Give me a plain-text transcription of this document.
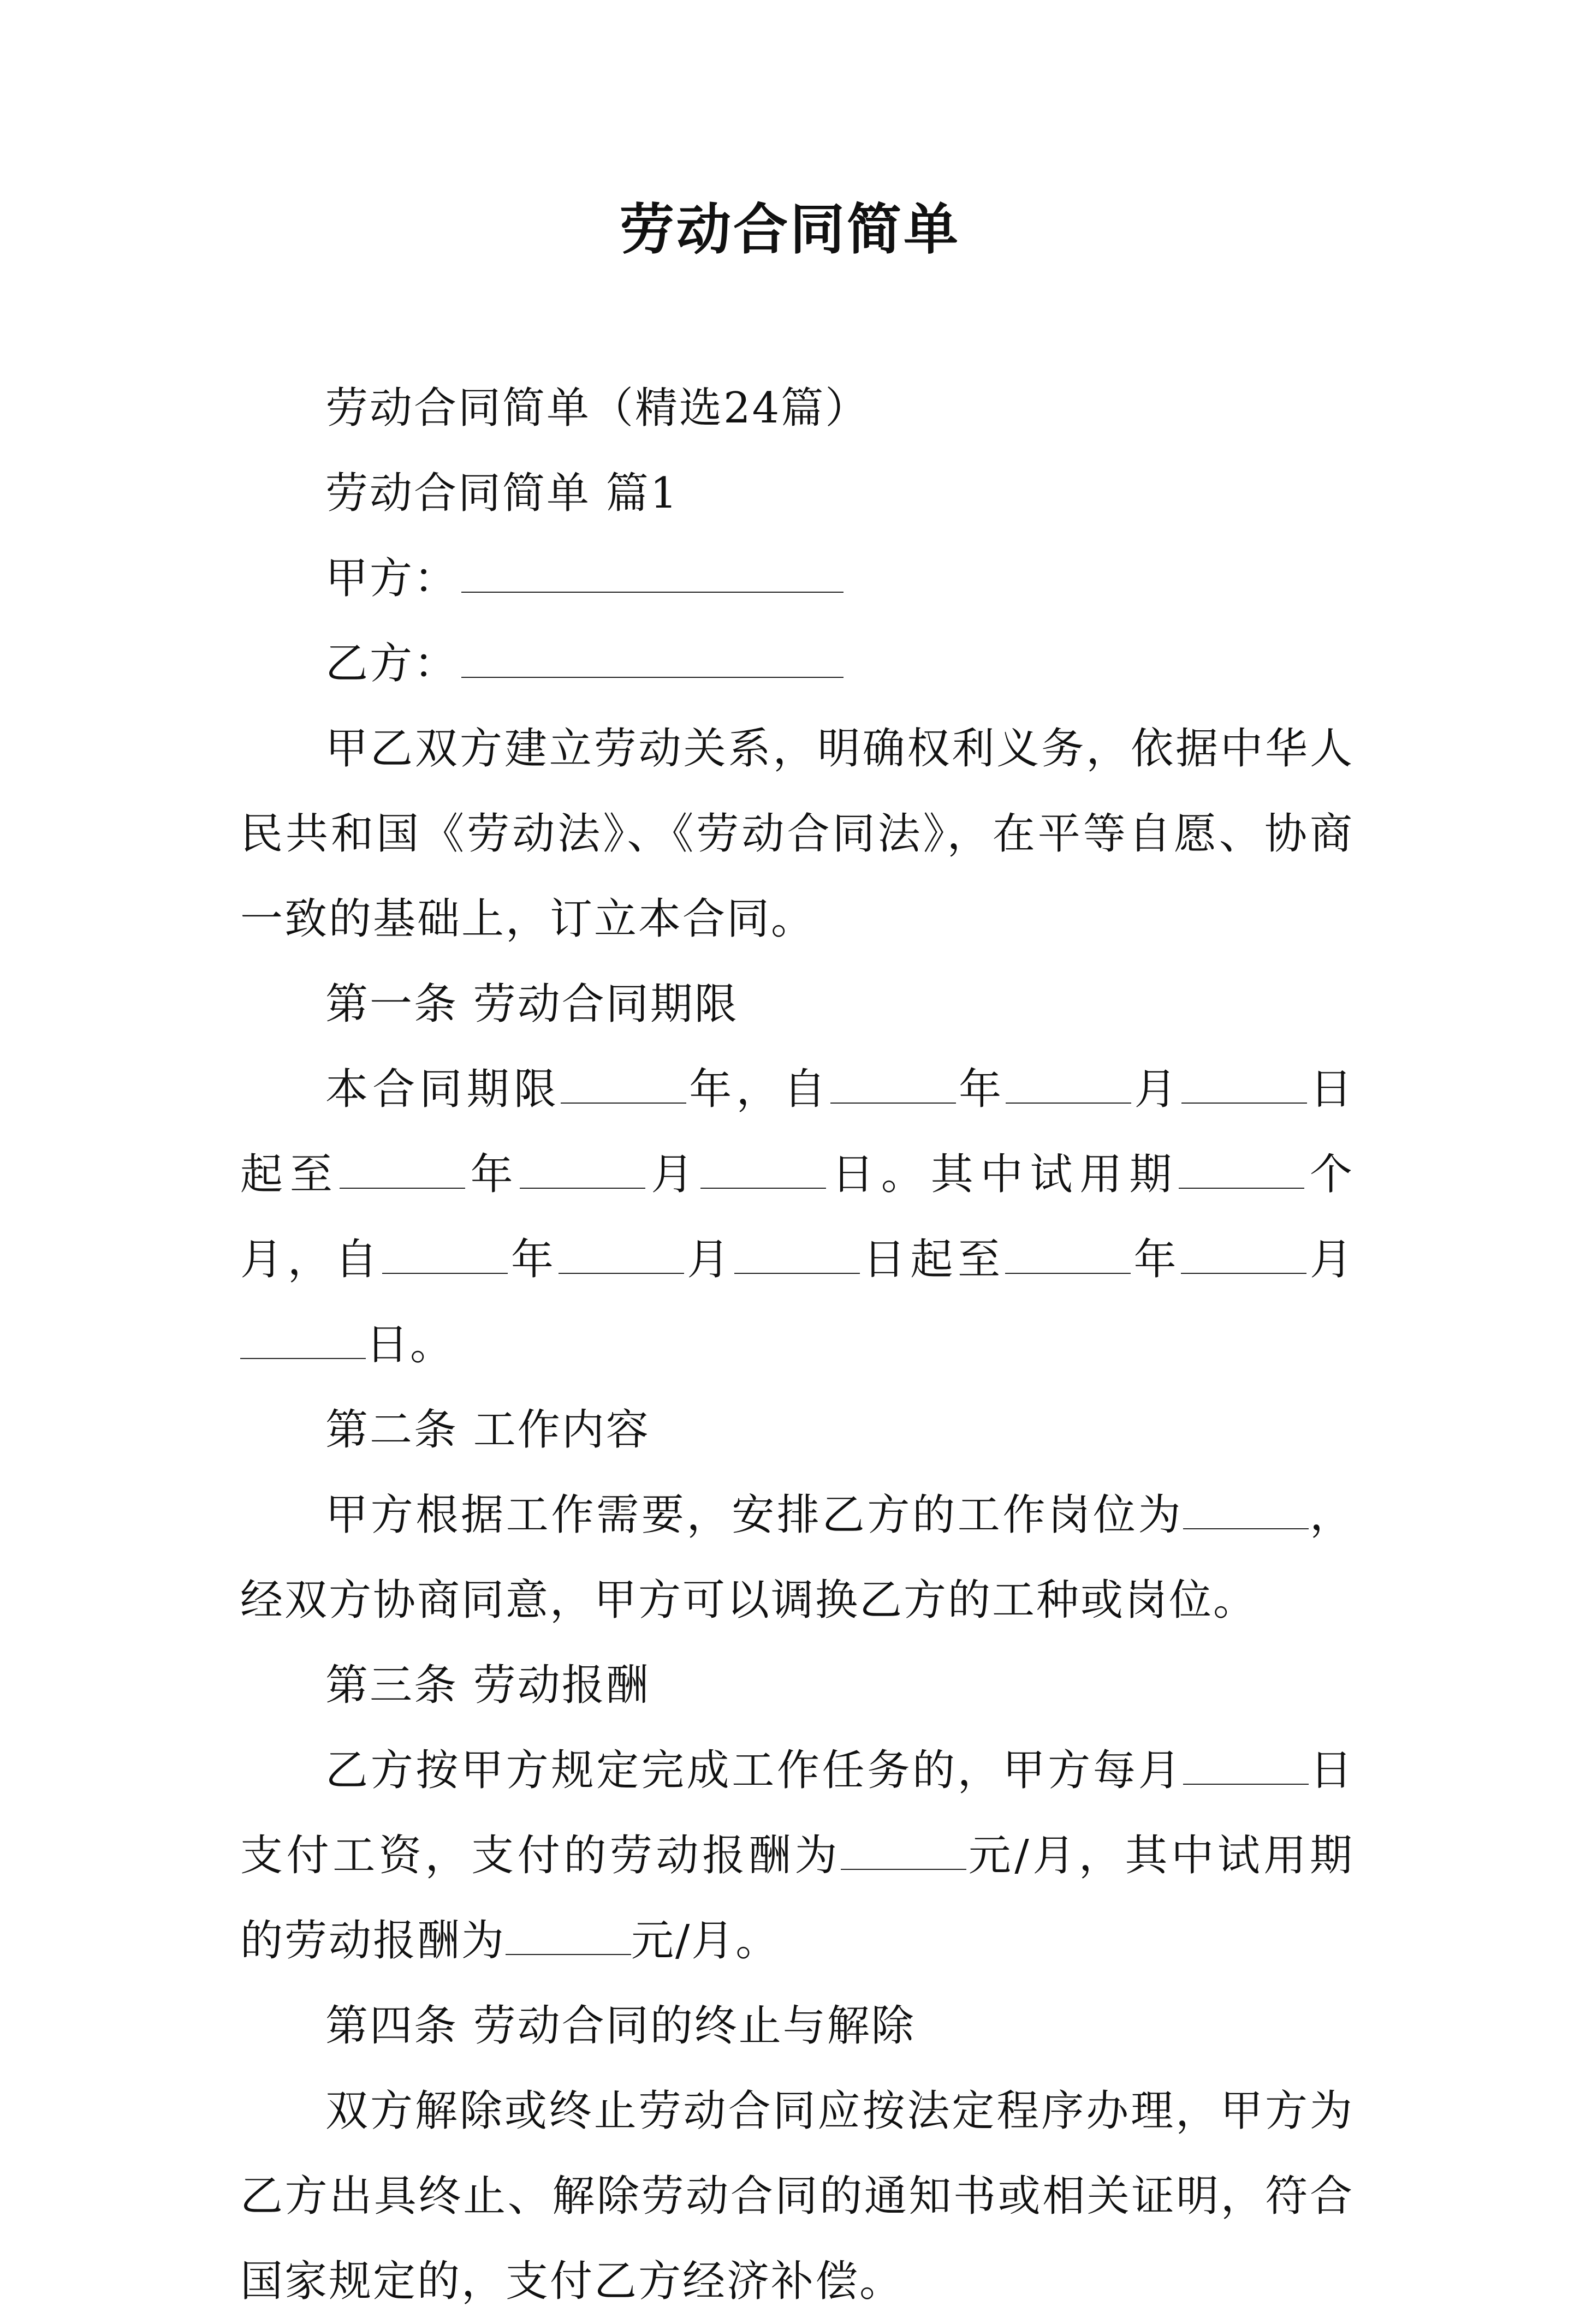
劳动合同简单

劳动合同简单（精选24篇）

劳动合同简单 篇1

甲方：

乙方：

甲乙双方建立劳动关系，明确权利义务，依据中华人民共和国《劳动法》、《劳动合同法》，在平等自愿、协商一致的基础上，订立本合同。

第一条 劳动合同期限

本合同期限	年，自	年	月	日起至	年	月	日。其中试用期	个月，自	年	月	日起至	年	月日。

第二条 工作内容

甲方根据工作需要，安排乙方的工作岗位为	，经双方协商同意，甲方可以调换乙方的工种或岗位。

第三条 劳动报酬

乙方按甲方规定完成工作任务的，甲方每月	日支付工资，支付的劳动报酬为	元/月，其中试用期的劳动报酬为	元/月。

第四条 劳动合同的终止与解除

双方解除或终止劳动合同应按法定程序办理，甲方为乙方出具终止、解除劳动合同的通知书或相关证明，符合国家规定的，支付乙方经济补偿。
